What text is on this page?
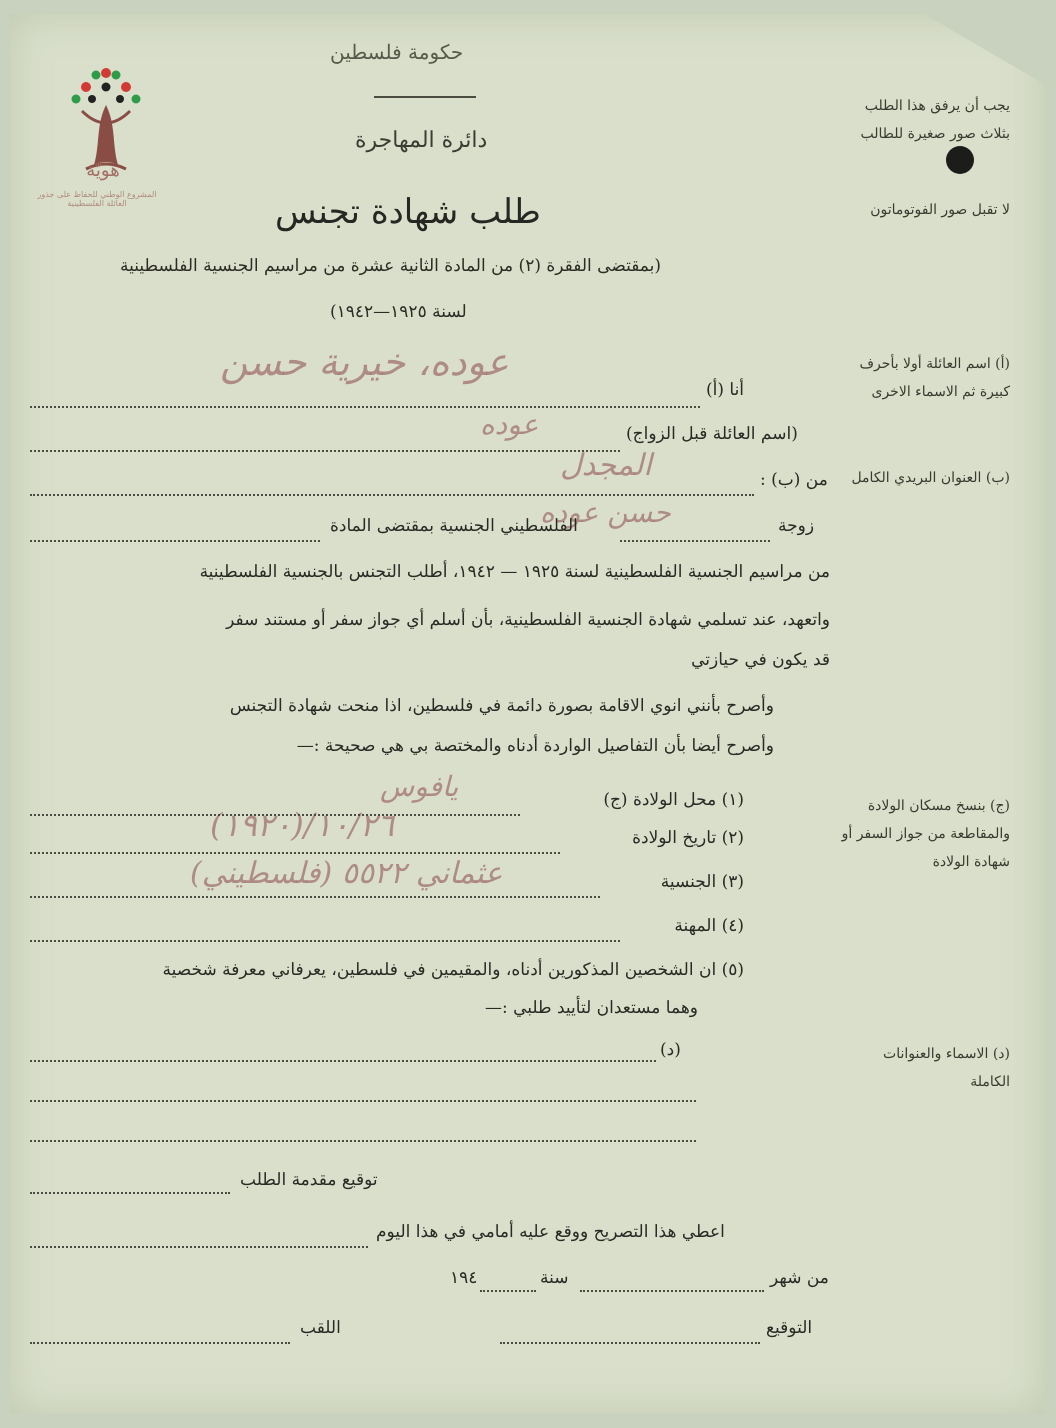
هويّة
المشروع الوطني للحفاظ على جذور العائلة الفلسطينية
حكومة فلسطين
دائرة المهاجرة
طلب شهادة تجنس
(بمقتضى الفقرة (٢) من المادة الثانية عشرة من مراسيم الجنسية الفلسطينية
لسنة ١٩٢٥—١٩٤٢)
يجب أن يرفق هذا الطلب بثلاث صور صغيرة للطالب
لا تقبل صور الفوتوماتون
(أ) اسم العائلة أولا بأحرف كبيرة ثم الاسماء الاخرى
(ب) العنوان البريدي الكامل
(ج) بنسخ مسكان الولادة والمقاطعة من جواز السفر أو شهادة الولادة
(د) الاسماء والعنوانات الكاملة
عوده، خيرية حسن
عوده
المجدل
حسن عوده
يافوس
١٠/٢٦/(١٩٢٠)
عثماني ٥٥٢٢ (فلسطيني)
أنا (أ)
(اسم العائلة قبل الزواج)
من (ب) :
زوجة
الفلسطيني الجنسية بمقتضى المادة
من مراسيم الجنسية الفلسطينية لسنة ١٩٢٥ — ١٩٤٢، أطلب التجنس بالجنسية الفلسطينية
واتعهد، عند تسلمي شهادة الجنسية الفلسطينية، بأن أسلم أي جواز سفر أو مستند سفر
قد يكون في حيازتي
وأصرح بأنني انوي الاقامة بصورة دائمة في فلسطين، اذا منحت شهادة التجنس
وأصرح أيضا بأن التفاصيل الواردة أدناه والمختصة بي هي صحيحة :—
(١) محل الولادة (ج)
(٢) تاريخ الولادة
(٣) الجنسية
(٤) المهنة
(٥) ان الشخصين المذكورين أدناه، والمقيمين في فلسطين، يعرفاني معرفة شخصية
وهما مستعدان لتأييد طلبي :—
(د)
توقيع مقدمة الطلب
اعطي هذا التصريح ووقع عليه أمامي في هذا اليوم
من شهر
سنة
١٩٤
التوقيع
اللقب
